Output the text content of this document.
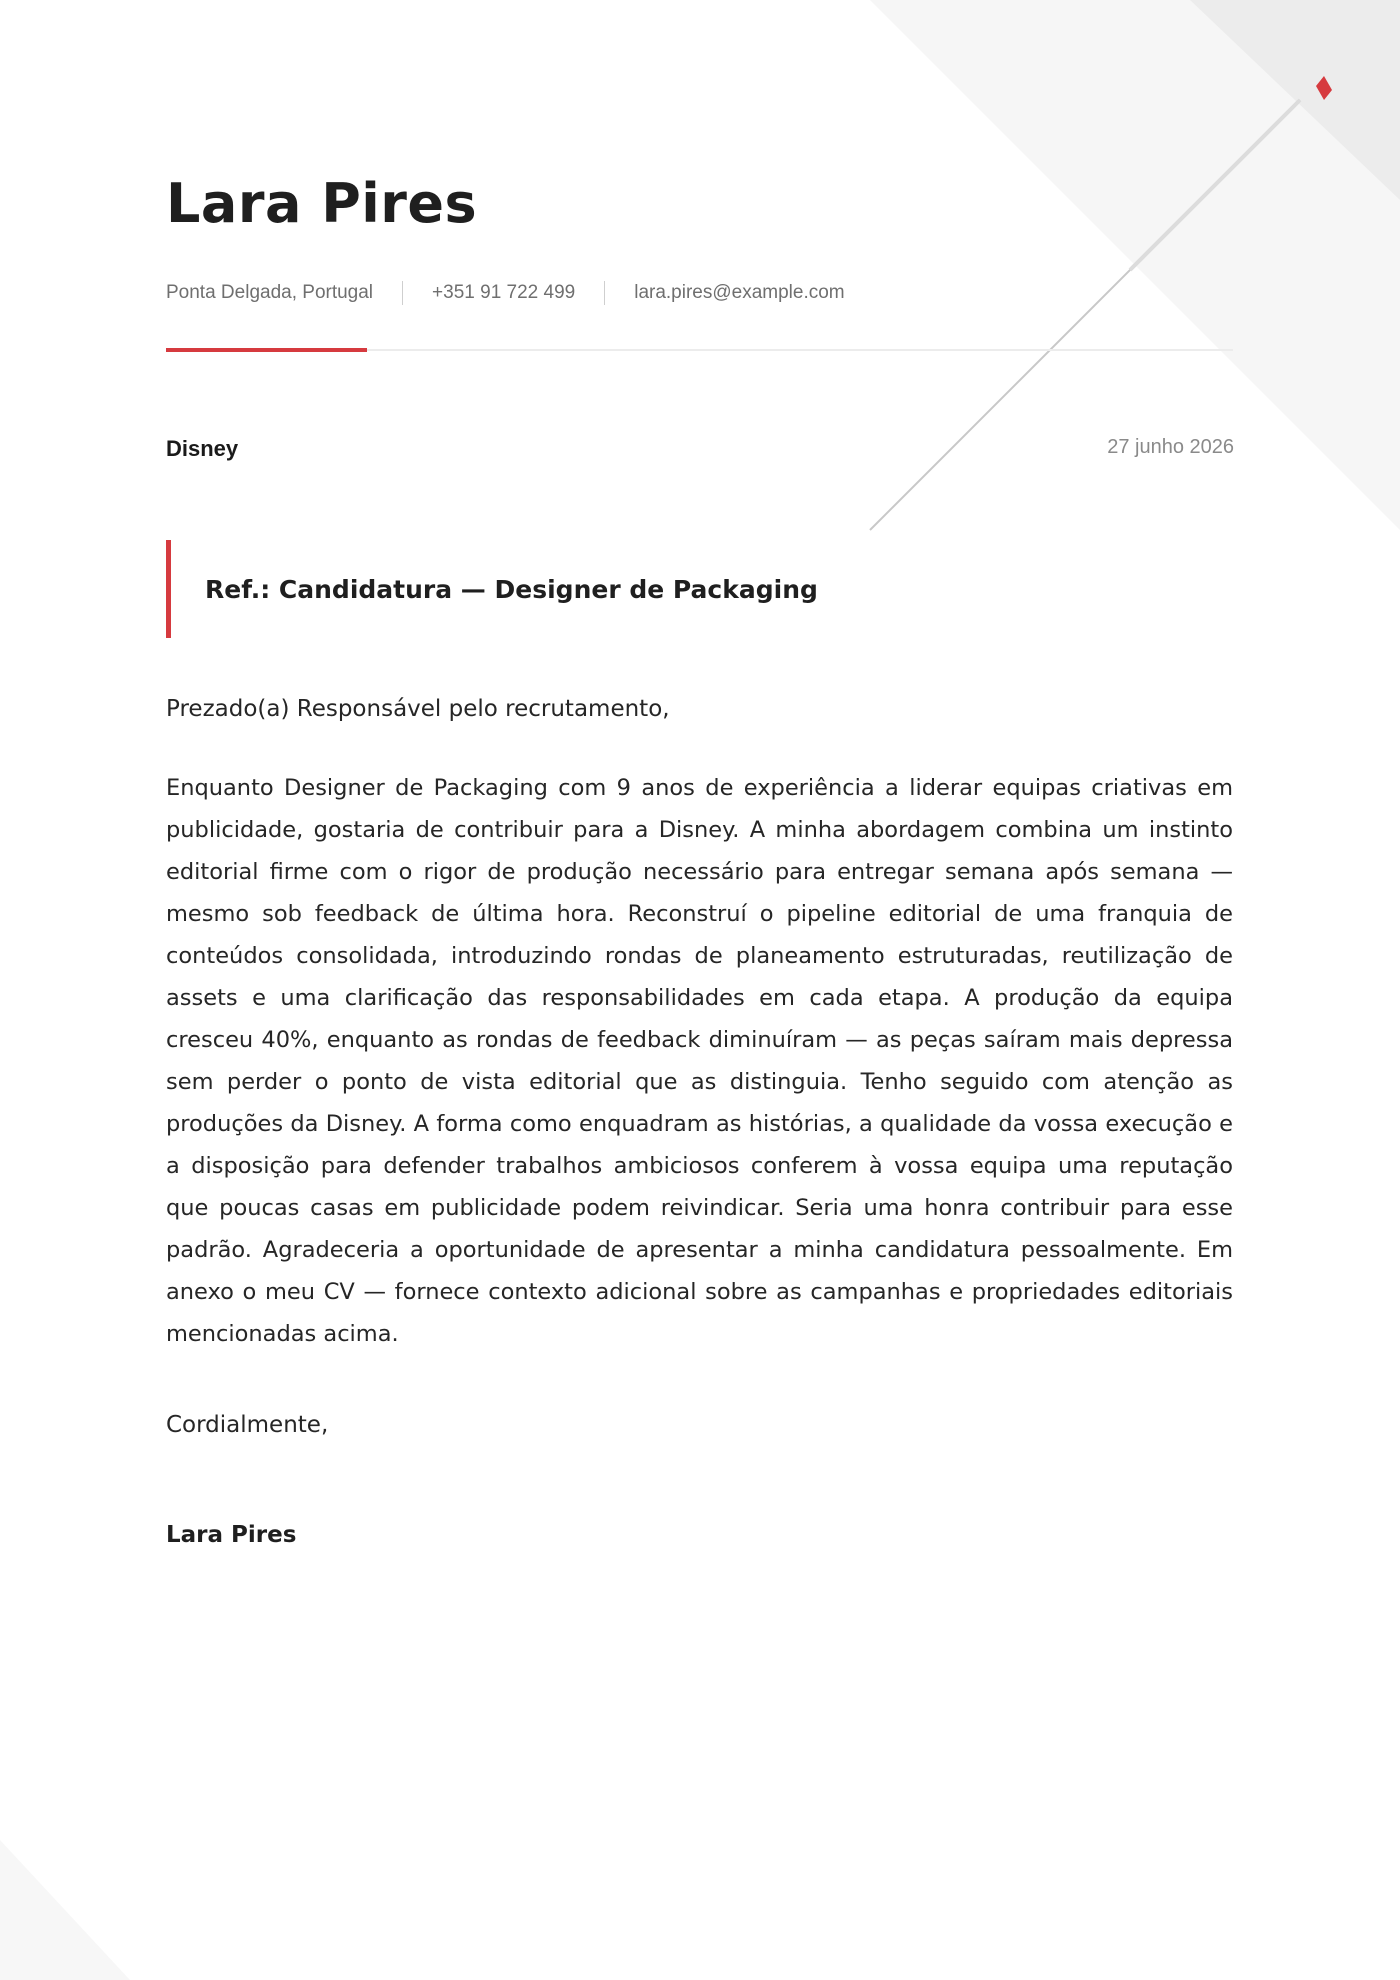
Lara Pires
Ponta Delgada, Portugal	+351 91 722 499	lara.pires@example.com
Disney	27 junho 2026
Ref.: Candidatura — Designer de Packaging
Prezado(a) Responsável pelo recrutamento,

Enquanto Designer de Packaging com 9 anos de experiência a liderar equipas criativas em publicidade, gostaria de contribuir para a Disney. A minha abordagem combina um instinto editorial firme com o rigor de produção necessário para entregar semana após semana — mesmo sob feedback de última hora. Reconstruí o pipeline editorial de uma franquia de conteúdos consolidada, introduzindo rondas de planeamento estruturadas, reutilização de assets e uma clarificação das responsabilidades em cada etapa. A produção da equipa cresceu 40%, enquanto as rondas de feedback diminuíram — as peças saíram mais depressa sem perder o ponto de vista editorial que as distinguia. Tenho seguido com atenção as produções da Disney. A forma como enquadram as histórias, a qualidade da vossa execução e a disposição para defender trabalhos ambiciosos conferem à vossa equipa uma reputação que poucas casas em publicidade podem reivindicar. Seria uma honra contribuir para esse padrão. Agradeceria a oportunidade de apresentar a minha candidatura pessoalmente. Em anexo o meu CV — fornece contexto adicional sobre as campanhas e propriedades editoriais mencionadas acima.

Cordialmente,
Lara Pires
